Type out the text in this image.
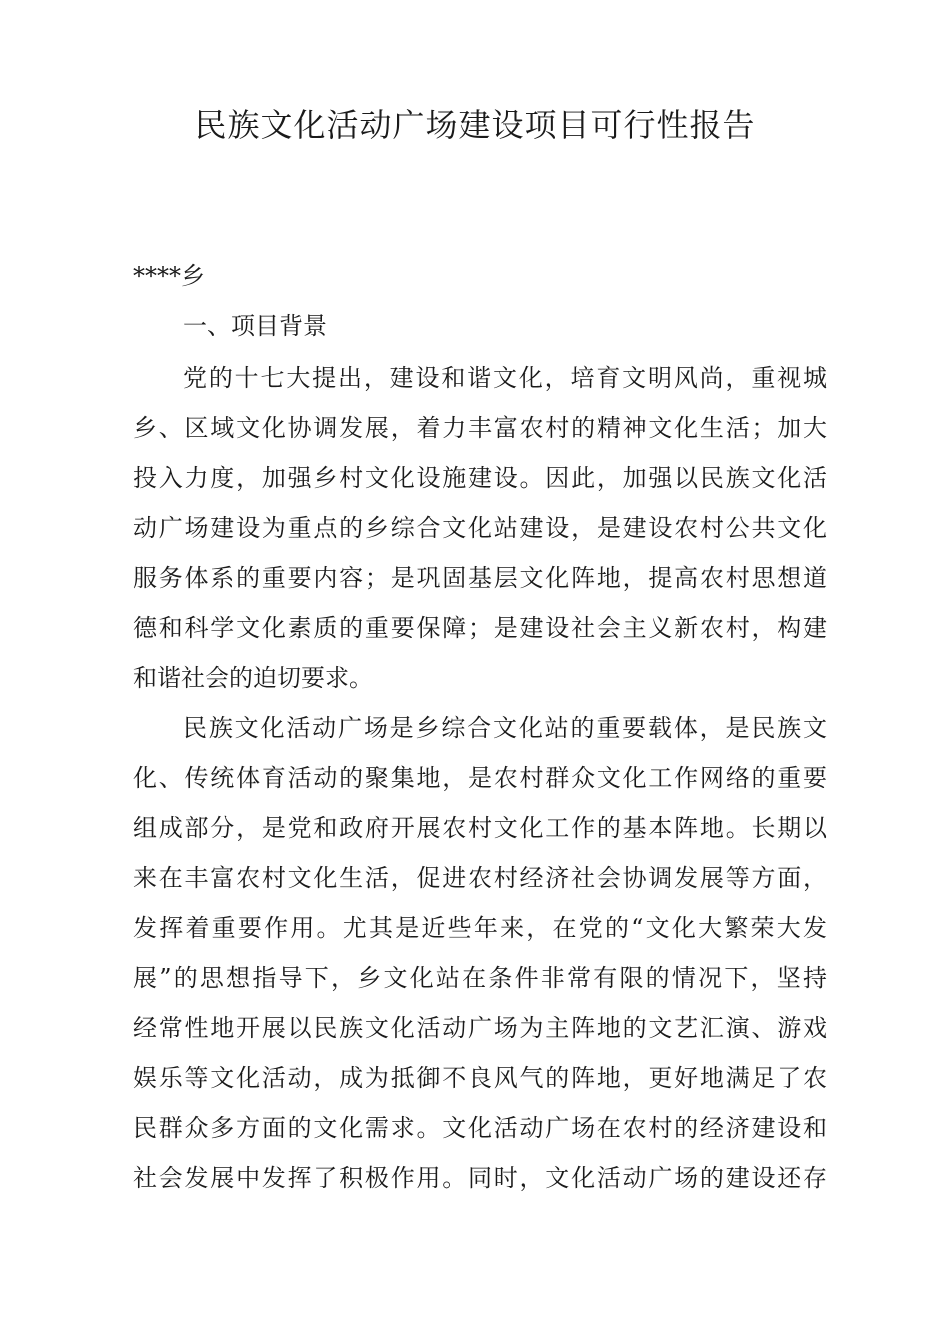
民族文化活动广场建设项目可行性报告

****乡

一、项目背景

党的十七大提出，建设和谐文化，培育文明风尚，重视城
乡、区域文化协调发展，着力丰富农村的精神文化生活；加大
投入力度，加强乡村文化设施建设。因此，加强以民族文化活
动广场建设为重点的乡综合文化站建设，是建设农村公共文化
服务体系的重要内容；是巩固基层文化阵地，提高农村思想道
德和科学文化素质的重要保障；是建设社会主义新农村，构建
和谐社会的迫切要求。
民族文化活动广场是乡综合文化站的重要载体，是民族文
化、传统体育活动的聚集地，是农村群众文化工作网络的重要
组成部分，是党和政府开展农村文化工作的基本阵地。长期以
来在丰富农村文化生活，促进农村经济社会协调发展等方面，
发挥着重要作用。尤其是近些年来，在党的“文化大繁荣大发
展”的思想指导下，乡文化站在条件非常有限的情况下，坚持
经常性地开展以民族文化活动广场为主阵地的文艺汇演、游戏
娱乐等文化活动，成为抵御不良风气的阵地，更好地满足了农
民群众多方面的文化需求。文化活动广场在农村的经济建设和
社会发展中发挥了积极作用。同时，文化活动广场的建设还存
